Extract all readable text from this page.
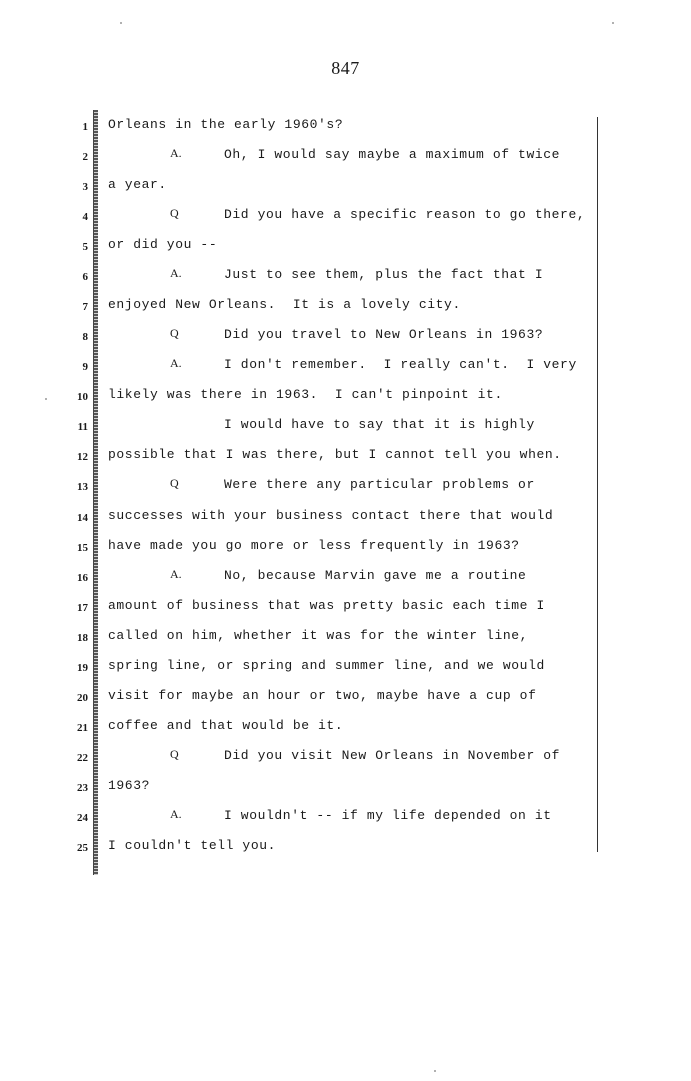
847
1 Orleans in the early 1960's?
2	A.	Oh, I would say maybe a maximum of twice
3 a year.
4	Q	Did you have a specific reason to go there,
5 or did you --
6	A.	Just to see them, plus the fact that I
7 enjoyed New Orleans.  It is a lovely city.
8	Q	Did you travel to New Orleans in 1963?
9	A.	I don't remember.  I really can't.  I very
10 likely was there in 1963.  I can't pinpoint it.
11	I would have to say that it is highly
12 possible that I was there, but I cannot tell you when.
13	Q	Were there any particular problems or
14 successes with your business contact there that would
15 have made you go more or less frequently in 1963?
16	A.	No, because Marvin gave me a routine
17 amount of business that was pretty basic each time I
18 called on him, whether it was for the winter line,
19 spring line, or spring and summer line, and we would
20 visit for maybe an hour or two, maybe have a cup of
21 coffee and that would be it.
22	Q	Did you visit New Orleans in November of
23 1963?
24	A.	I wouldn't -- if my life depended on it
25 I couldn't tell you.
